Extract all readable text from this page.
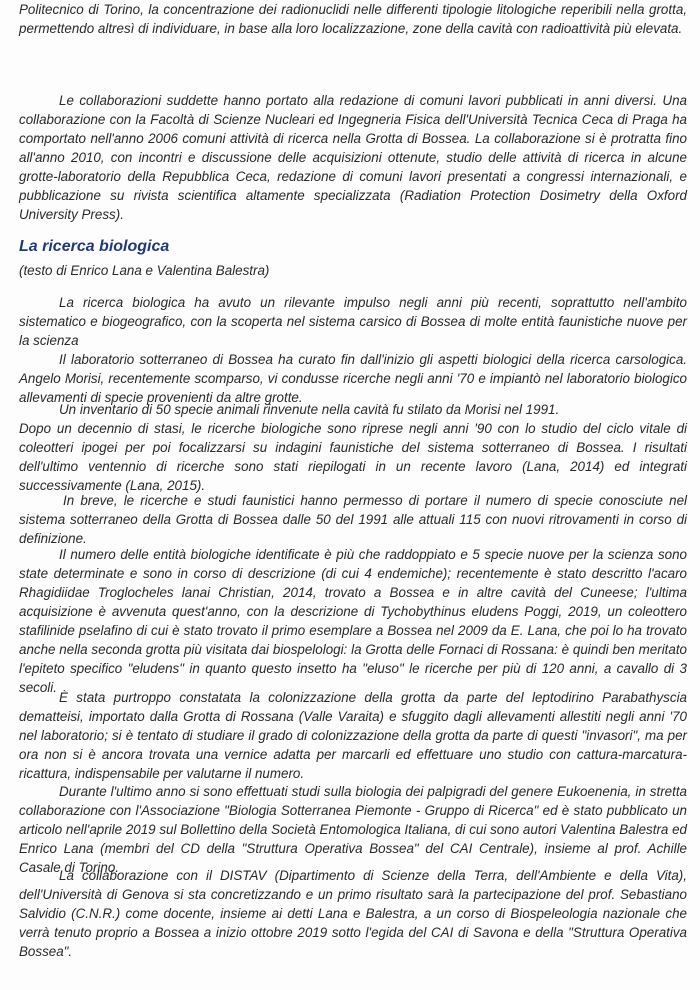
Politecnico di Torino, la concentrazione dei radionuclidi nelle differenti tipologie litologiche reperibili nella grotta, permettendo altresì di individuare, in base alla loro localizzazione, zone della cavità con radioattività più elevata.

Le collaborazioni suddette hanno portato alla redazione di comuni lavori pubblicati in anni diversi. Una collaborazione con la Facoltà di Scienze Nucleari ed Ingegneria Fisica dell'Università Tecnica Ceca di Praga ha comportato nell'anno 2006 comuni attività di ricerca nella Grotta di Bossea. La collaborazione si è protratta fino all'anno 2010, con incontri e discussione delle acquisizioni ottenute, studio delle attività di ricerca in alcune grotte-laboratorio della Repubblica Ceca, redazione di comuni lavori presentati a congressi internazionali, e pubblicazione su rivista scientifica altamente specializzata (Radiation Protection Dosimetry della Oxford University Press).

La ricerca biologica
(testo di Enrico Lana e Valentina Balestra)

La ricerca biologica ha avuto un rilevante impulso negli anni più recenti, soprattutto nell'ambito sistematico e biogeografico, con la scoperta nel sistema carsico di Bossea di molte entità faunistiche nuove per la scienza

Il laboratorio sotterraneo di Bossea ha curato fin dall'inizio gli aspetti biologici della ricerca carsologica. Angelo Morisi, recentemente scomparso, vi condusse ricerche negli anni '70 e impiantò nel laboratorio biologico allevamenti di specie provenienti da altre grotte.

Un inventario di 50 specie animali rinvenute nella cavità fu stilato da Morisi nel 1991.

Dopo un decennio di stasi, le ricerche biologiche sono riprese negli anni '90 con lo studio del ciclo vitale di coleotteri ipogei per poi focalizzarsi su indagini faunistiche del sistema sotterraneo di Bossea. I risultati dell'ultimo ventennio di ricerche sono stati riepilogati in un recente lavoro (Lana, 2014) ed integrati successivamente (Lana, 2015).

In breve, le ricerche e studi faunistici hanno permesso di portare il numero di specie conosciute nel sistema sotterraneo della Grotta di Bossea dalle 50 del 1991 alle attuali 115 con nuovi ritrovamenti in corso di definizione.

Il numero delle entità biologiche identificate è più che raddoppiato e 5 specie nuove per la scienza sono state determinate e sono in corso di descrizione (di cui 4 endemiche); recentemente è stato descritto l'acaro Rhagidiidae Troglocheles lanai Christian, 2014, trovato a Bossea e in altre cavità del Cuneese; l'ultima acquisizione è avvenuta quest'anno, con la descrizione di Tychobythinus eludens Poggi, 2019, un coleottero stafilinide pselafino di cui è stato trovato il primo esemplare a Bossea nel 2009 da E. Lana, che poi lo ha trovato anche nella seconda grotta più visitata dai biospelologi: la Grotta delle Fornaci di Rossana: è quindi ben meritato l'epiteto specifico "eludens" in quanto questo insetto ha "eluso" le ricerche per più di 120 anni, a cavallo di 3 secoli.

È stata purtroppo constatata la colonizzazione della grotta da parte del leptodirino Parabathyscia dematteisi, importato dalla Grotta di Rossana (Valle Varaita) e sfuggito dagli allevamenti allestiti negli anni '70 nel laboratorio; si è tentato di studiare il grado di colonizzazione della grotta da parte di questi "invasori", ma per ora non si è ancora trovata una vernice adatta per marcarli ed effettuare uno studio con cattura-marcatura-ricattura, indispensabile per valutarne il numero.

Durante l'ultimo anno si sono effettuati studi sulla biologia dei palpigradi del genere Eukoenenia, in stretta collaborazione con l'Associazione "Biologia Sotterranea Piemonte - Gruppo di Ricerca" ed è stato pubblicato un articolo nell'aprile 2019 sul Bollettino della Società Entomologica Italiana, di cui sono autori Valentina Balestra ed Enrico Lana (membri del CD della "Struttura Operativa Bossea" del CAI Centrale), insieme al prof. Achille Casale di Torino.

La collaborazione con il DISTAV (Dipartimento di Scienze della Terra, dell'Ambiente e della Vita), dell'Università di Genova si sta concretizzando e un primo risultato sarà la partecipazione del prof. Sebastiano Salvidio (C.N.R.) come docente, insieme ai detti Lana e Balestra, a un corso di Biospeleologia nazionale che verrà tenuto proprio a Bossea a inizio ottobre 2019 sotto l'egida del CAI di Savona e della "Struttura Operativa Bossea".
